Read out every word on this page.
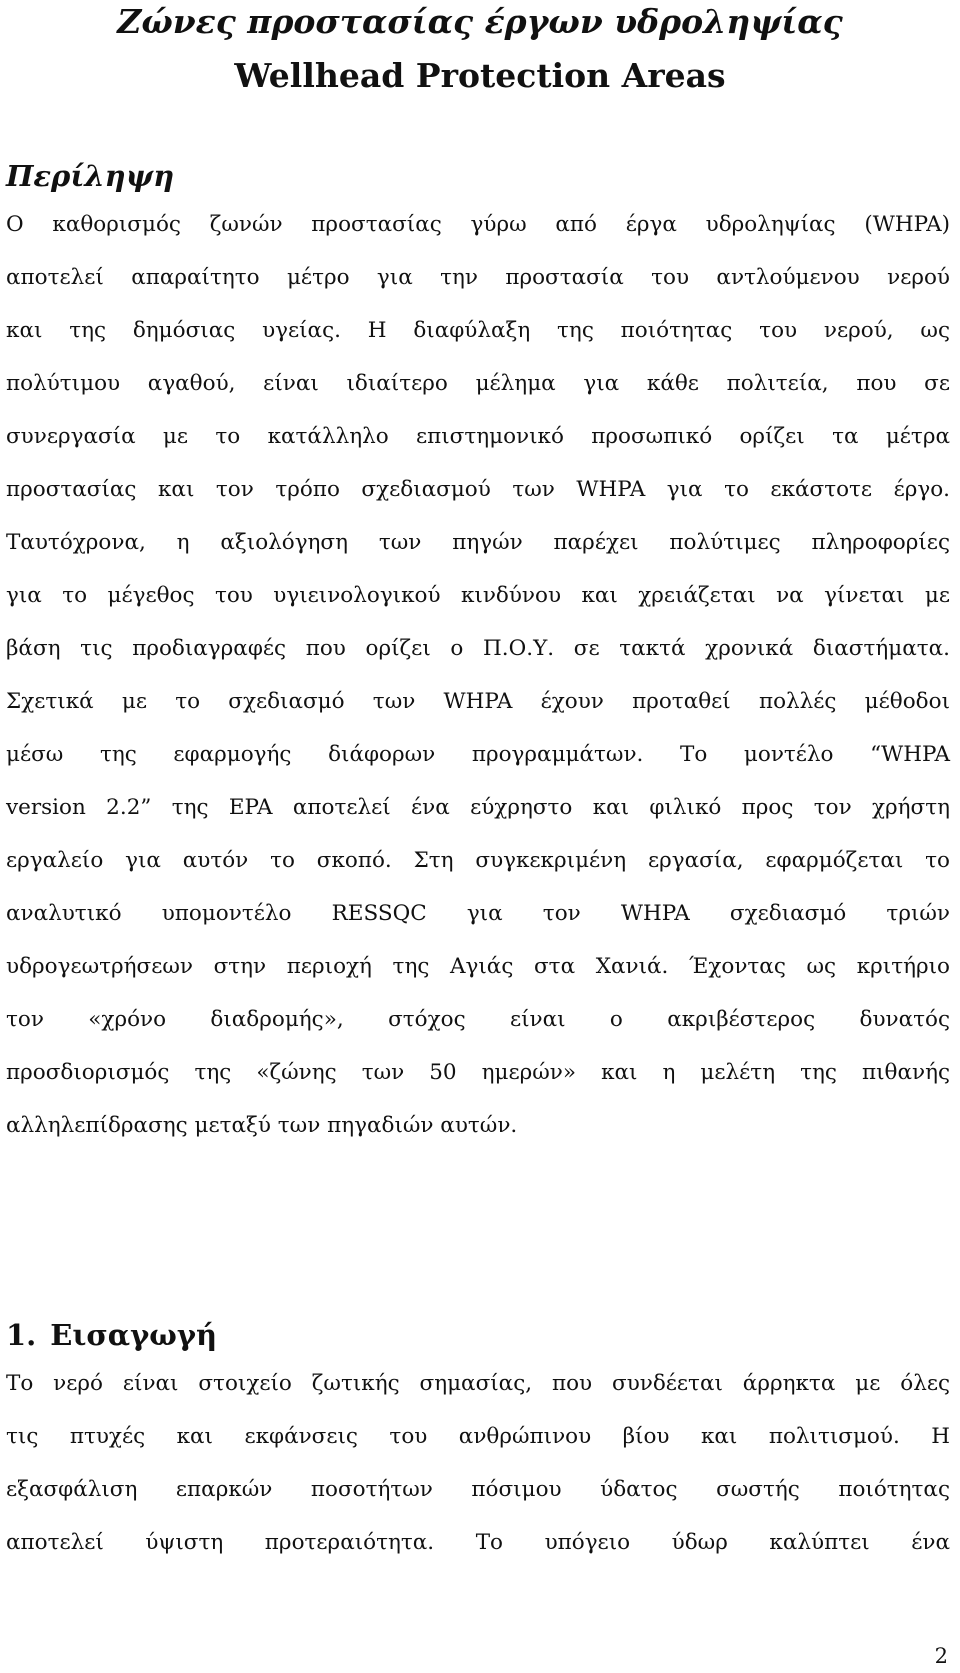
Ζώνες προστασίας έργων υδροληψίας
Wellhead Protection Areas
Περίληψη

Ο καθορισμός ζωνών προστασίας γύρω από έργα υδροληψίας (WHPA)

αποτελεί απαραίτητο μέτρο για την προστασία του αντλούμενου νερού

και της δημόσιας υγείας. Η διαφύλαξη της ποιότητας του νερού, ως

πολύτιμου αγαθού, είναι ιδιαίτερο μέλημα για κάθε πολιτεία, που σε

συνεργασία με το κατάλληλο επιστημονικό προσωπικό ορίζει τα μέτρα

προστασίας και τον τρόπο σχεδιασμού των WHPA για το εκάστοτε έργο.

Ταυτόχρονα, η αξιολόγηση των πηγών παρέχει πολύτιμες πληροφορίες

για το μέγεθος του υγιεινολογικού κινδύνου και χρειάζεται να γίνεται με

βάση τις προδιαγραφές που ορίζει ο Π.Ο.Υ. σε τακτά χρονικά διαστήματα.

Σχετικά με το σχεδιασμό των WHPA έχουν προταθεί πολλές μέθοδοι

μέσω της εφαρμογής διάφορων προγραμμάτων. Το μοντέλο “WHPA

version 2.2” της EPA αποτελεί ένα εύχρηστο και φιλικό προς τον χρήστη

εργαλείο για αυτόν το σκοπό. Στη συγκεκριμένη εργασία, εφαρμόζεται το

αναλυτικό υπομοντέλο RESSQC για τον WHPA σχεδιασμό τριών

υδρογεωτρήσεων στην περιοχή της Αγιάς στα Χανιά. Έχοντας ως κριτήριο

τον «χρόνο διαδρομής», στόχος είναι ο ακριβέστερος δυνατός

προσδιορισμός της «ζώνης των 50 ημερών» και η μελέτη της πιθανής

αλληλεπίδρασης μεταξύ των πηγαδιών αυτών.

1. Εισαγωγή

Το νερό είναι στοιχείο ζωτικής σημασίας, που συνδέεται άρρηκτα με όλες

τις πτυχές και εκφάνσεις του ανθρώπινου βίου και πολιτισμού. Η

εξασφάλιση επαρκών ποσοτήτων πόσιμου ύδατος σωστής ποιότητας

αποτελεί ύψιστη προτεραιότητα. Το υπόγειο ύδωρ καλύπτει ένα

2
